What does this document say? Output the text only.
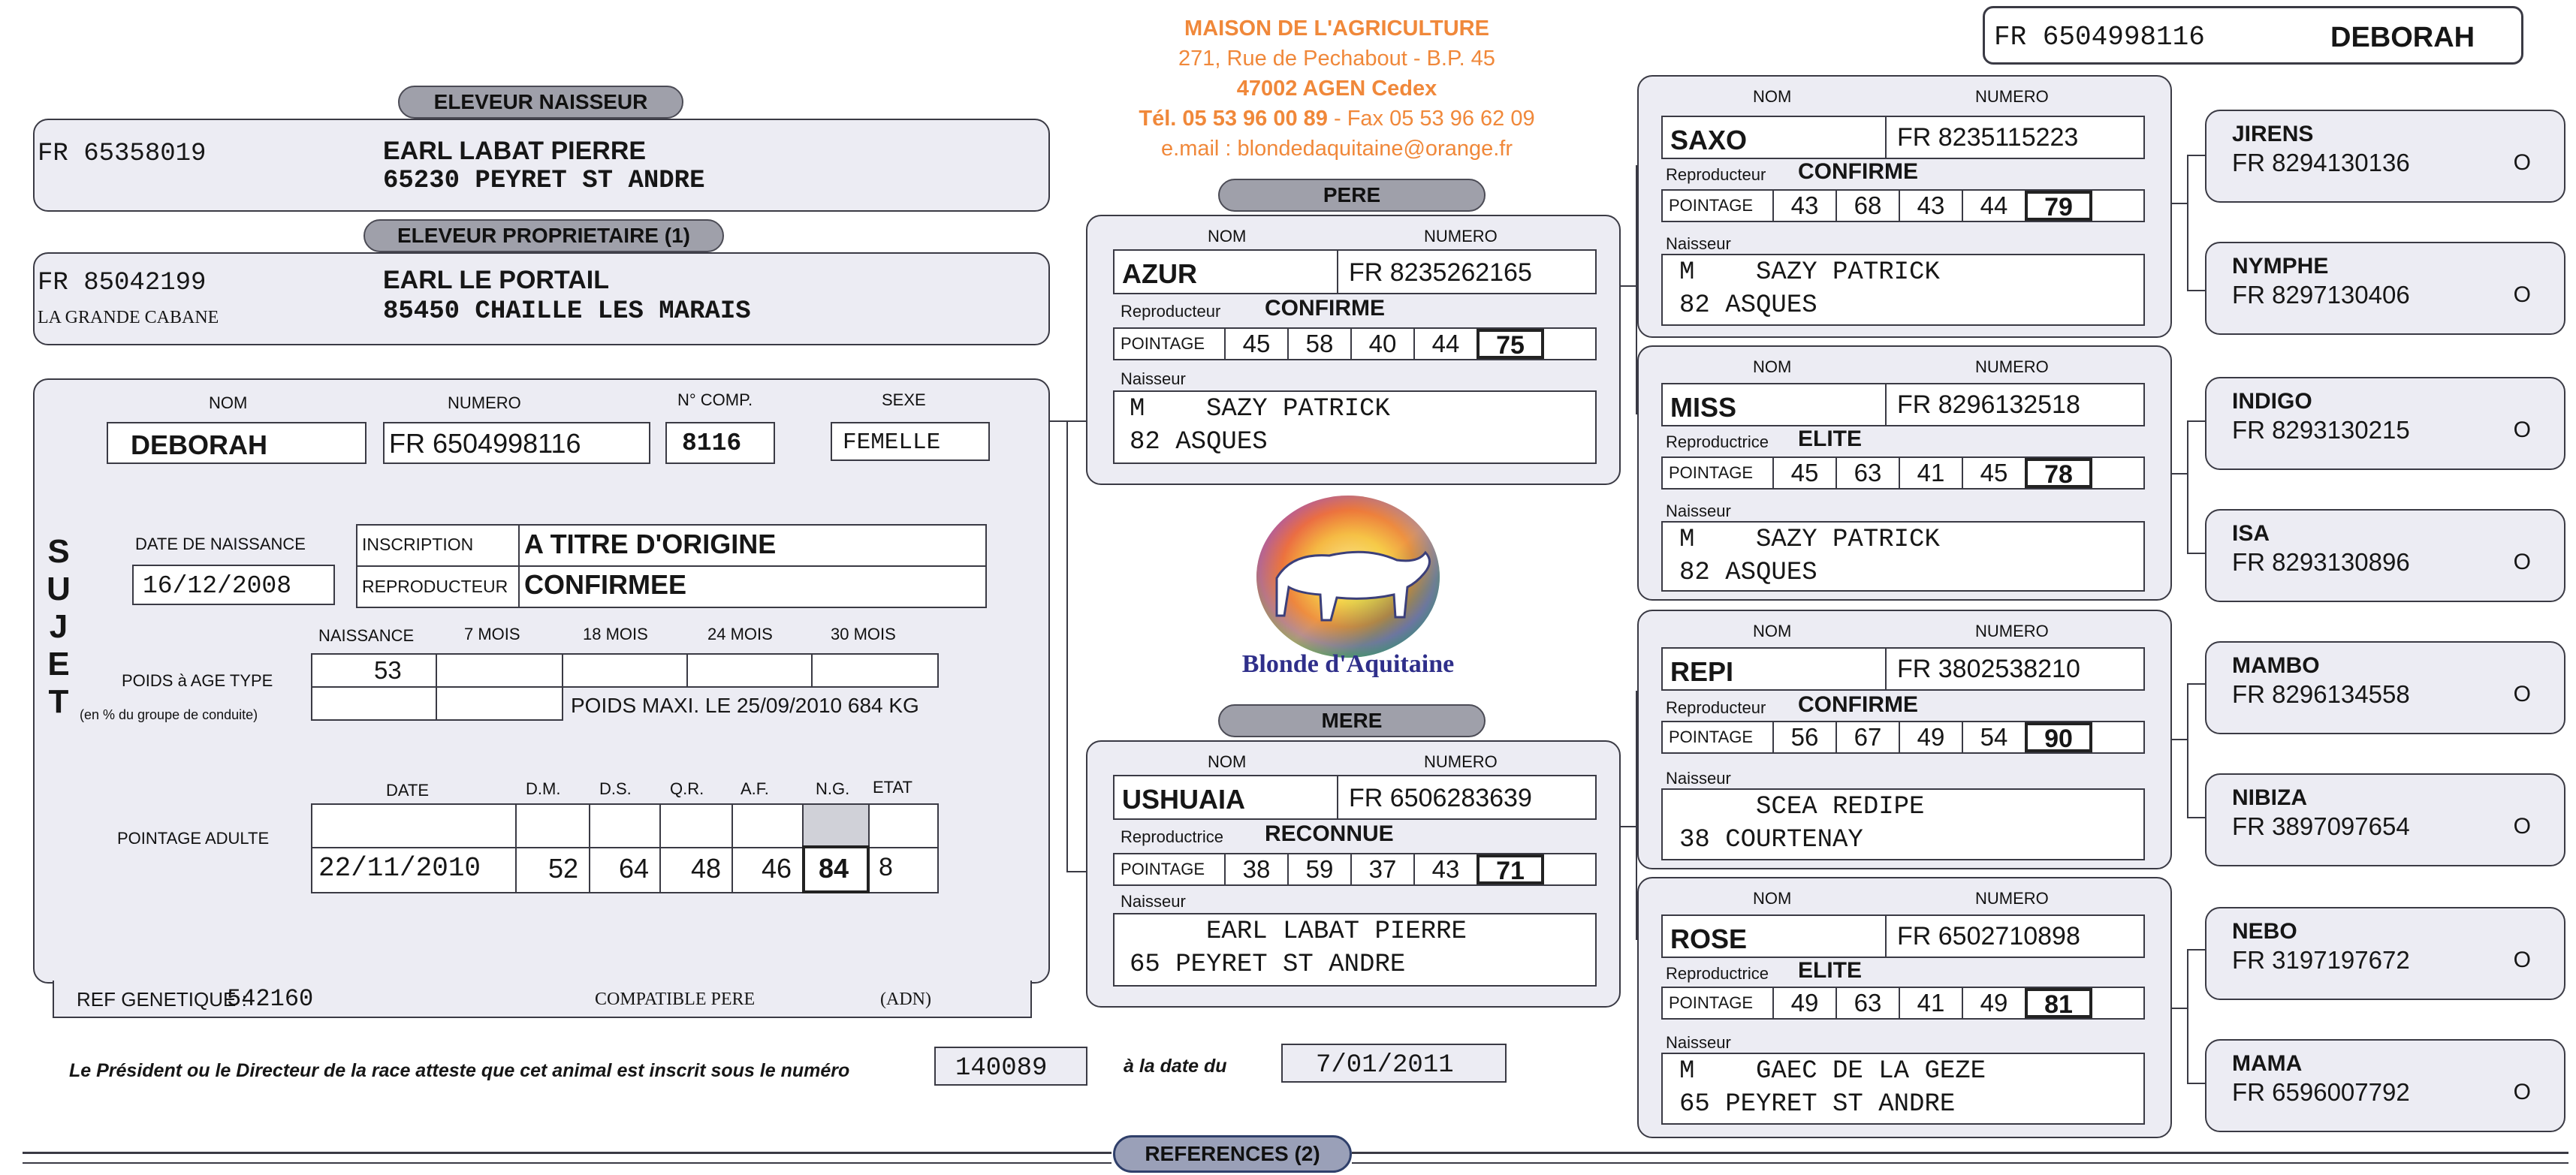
MAISON DE L'AGRICULTURE
271, Rue de Pechabout - B.P. 45
47002 AGEN Cedex
Tél. 05 53 96 00 89 - Fax 05 53 96 62 09
e.mail : blondedaquitaine@orange.fr
FR 6504998116	DEBORAH
ELEVEUR NAISSEUR
FR 65358019	EARL LABAT PIERRE
65230 PEYRET ST ANDRE
ELEVEUR PROPRIETAIRE (1)
FR 85042199
LA GRANDE CABANE
EARL LE PORTAIL
85450 CHAILLE LES MARAIS
S
U
J
E
T
NOM	NUMERO	N° COMP.	SEXE
DEBORAH	FR 6504998116	8116	FEMELLE
DATE DE NAISSANCE
16/12/2008
INSCRIPTION A TITRE D'ORIGINE
REPRODUCTEUR CONFIRMEE
NAISSANCE	7 MOIS	18 MOIS	24 MOIS	30 MOIS
POIDS à AGE TYPE
(en % du groupe de conduite)
53
POIDS MAXI. LE 25/09/2010 684 KG
DATE	D.M. D.S. Q.R. A.F.	N.G. ETAT
POINTAGE ADULTE
22/11/2010 52 64 48 46 84 8
REF GENETIQUE :
542160	COMPATIBLE PERE	(ADN)
Le Président ou le Directeur de la race atteste que cet animal est inscrit sous le numéro	140089	à la date du	7/01/2011
REFERENCES (2)
Blonde d'Aquitaine
PERE
MERE
NOM	NUMERO
AZUR	FR 8235262165
Reproducteur CONFIRME
POINTAGE	45	58	40	44	75
Naisseur
M    SAZY PATRICK
82 ASQUES
NOM	NUMERO
USHUAIA	FR 6506283639
Reproductrice RECONNUE
POINTAGE	38	59	37	43	71
Naisseur
EARL LABAT PIERRE
65 PEYRET ST ANDRE
NOM	NUMERO
SAXO	FR 8235115223
Reproducteur CONFIRME
POINTAGE	43	68	43	44	79
Naisseur
M    SAZY PATRICK
82 ASQUES
NOM	NUMERO
MISS	FR 8296132518
Reproductrice ELITE
POINTAGE	45	63	41	45	78
Naisseur
M    SAZY PATRICK
82 ASQUES
NOM	NUMERO
REPI	FR 3802538210
Reproducteur CONFIRME
POINTAGE	56	67	49	54	90
Naisseur
SCEA REDIPE
38 COURTENAY
NOM	NUMERO
ROSE	FR 6502710898
Reproductrice ELITE
POINTAGE	49	63	41	49	81
Naisseur
M    GAEC DE LA GEZE
65 PEYRET ST ANDRE
JIRENS
FR 8294130136	O
NYMPHE
FR 8297130406	O
INDIGO
FR 8293130215	O
ISA
FR 8293130896	O
MAMBO
FR 8296134558	O
NIBIZA
FR 3897097654	O
NEBO
FR 3197197672	O
MAMA
FR 6596007792	O
